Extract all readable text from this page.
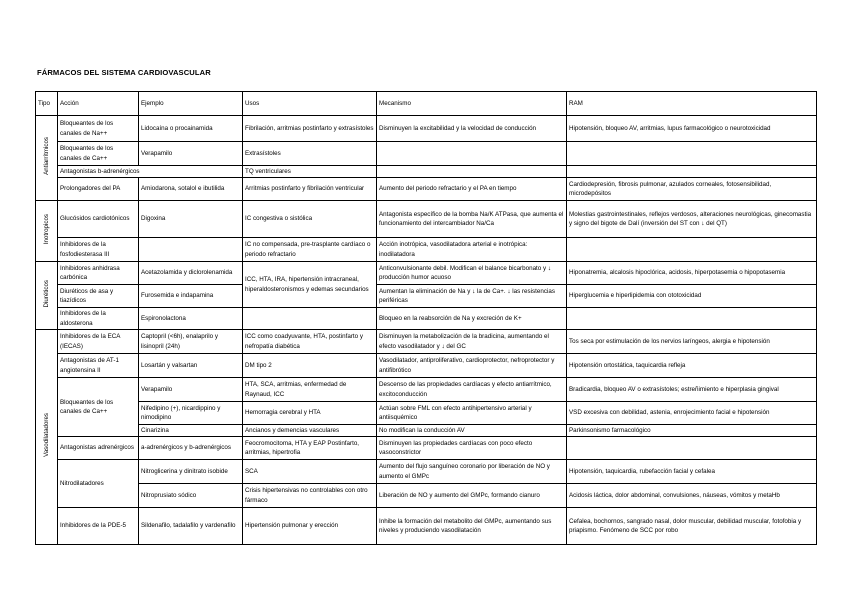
FÁRMACOS DEL SISTEMA CARDIOVASCULAR
Tipo	Acción	Ejemplo	Usos	Mecanismo	RAM
Antiarrítmicos	Bloqueantes de los canales de Na++	Lidocaína o procainamida	Fibrilación, arritmias postinfarto y extrasístoles	Disminuyen la excitabilidad y la velocidad de conducción	Hipotensión, bloqueo AV, arritmias, lupus farmacológico o neurotoxicidad
	Bloqueantes de los canales de Ca++	Verapamilo	Extrasístoles		
	Antagonistas b-adrenérgicos		TQ ventriculares		
	Prolongadores del PA	Amiodarona, sotalol e ibutilida	Arritmias postinfarto y fibrilación ventricular	Aumento del periodo refractario y el PA en tiempo	Cardiodepresión, fibrosis pulmonar, azulados corneales, fotosensibilidad, microdepósitos
Inotropicos	Glucósidos cardiotónicos	Digoxina	IC congestiva o sistólica	Antagonista específico de la bomba Na/K ATPasa, que aumenta el funcionamiento del intercambiador Na/Ca	Molestias gastrointestinales, reflejos verdosos, alteraciones neurológicas, ginecomastia y signo del bigote de Dalí (inversión del ST con ↓ del QT)
	Inhibidores de la fosfodiesterasa III		IC no compensada, pre-trasplante cardíaco o periodo refractario	Acción inotrópica, vasodilatadora arterial e inotrópica: inodilatadora	
Diuréticos	Inhibidores anhidrasa carbónica	Acetazolamida y diclorolenamida	ICC, HTA, IRA, hipertensión intracraneal, hiperaldosteronismos y edemas secundarios	Anticonvulsionante debil. Modifican el balance bicarbonato y ↓ producción humor acuoso	Hiponatremia, alcalosis hipoclórica, acidosis, hiperpotasemia o hipopotasemia
	Diuréticos de asa y tiazídicos	Furosemida e indapamina		Aumentan la eliminación de Na y ↓ la de Ca+. ↓ las resistencias periféricas	Hiperglucemia e hiperlipidemia con ototoxicidad
	Inhibidores de la aldosterona	Espironolactona		Bloqueo en la reabsorción de Na y excreción de K+	
Vasodilatadores	Inhibidores de la ECA (IECAS)	Captopril (<6h), enalaprilo y lisinopril (24h)	ICC como coadyuvante, HTA, postinfarto y nefropatía diabética	Disminuyen la metabolización de la bradicina, aumentando el efecto vasodilatador y ↓ del GC	Tos seca por estimulación de los nervios laríngeos, alergia e hipotensión
	Antagonistas de AT-1 angiotensina II	Losartán y valsartan	DM tipo 2	Vasodilatador, antiproliferativo, cardioprotector, nefroprotector y antifibrótico	Hipotensión ortostática, taquicardia refleja
	Bloqueantes de los canales de Ca++	Verapamilo	HTA, SCA, arritmias, enfermedad de Raynaud, ICC	Descenso de las propiedades cardíacas y efecto antiarrítmico, excitoconducción	Bradicardia, bloqueo AV o extrasístoles; estreñimiento e hiperplasia gingival
		Nifedipino (+), nicardippino y nimodipino	Hemorragia cerebral y HTA	Actúan sobre FML con efecto antihipertensivo arterial y antiisquémico	VSD excesiva con debilidad, astenia, enrojecimiento facial e hipotensión
		Cinarizina	Ancianos y demencias vasculares	No modifican la conducción AV	Parkinsonismo farmacológico
	Antagonistas adrenérgicos	a-adrenérgicos y b-adrenérgicos	Feocromocitoma, HTA y EAP Postinfarto, arritmias, hipertrofia	Disminuyen las propiedades cardíacas con poco efecto vasoconstrictor	
	Nitrodilatadores	Nitroglicerina y dinitrato isobide	SCA	Aumento del flujo sanguíneo coronario por liberación de NO y aumento el GMPc	Hipotensión, taquicardia, rubefacción facial y cefalea
		Nitroprusiato sódico	Crisis hipertensivas no controlables con otro fármaco	Liberación de NO y aumento del GMPc, formando cianuro	Acidosis láctica, dolor abdominal, convulsiones, náuseas, vómitos y metaHb
	Inhibidores de la PDE-5	Sildenafilo, tadalafilo y vardenafilo	Hipertensión pulmonar y erección	Inhibe la formación del metabolito del GMPc, aumentando sus niveles y produciendo vasodilatación	Cefalea, bochornos, sangrado nasal, dolor muscular, debilidad muscular, fotofobia y priapismo. Fenómeno de SCC por robo
